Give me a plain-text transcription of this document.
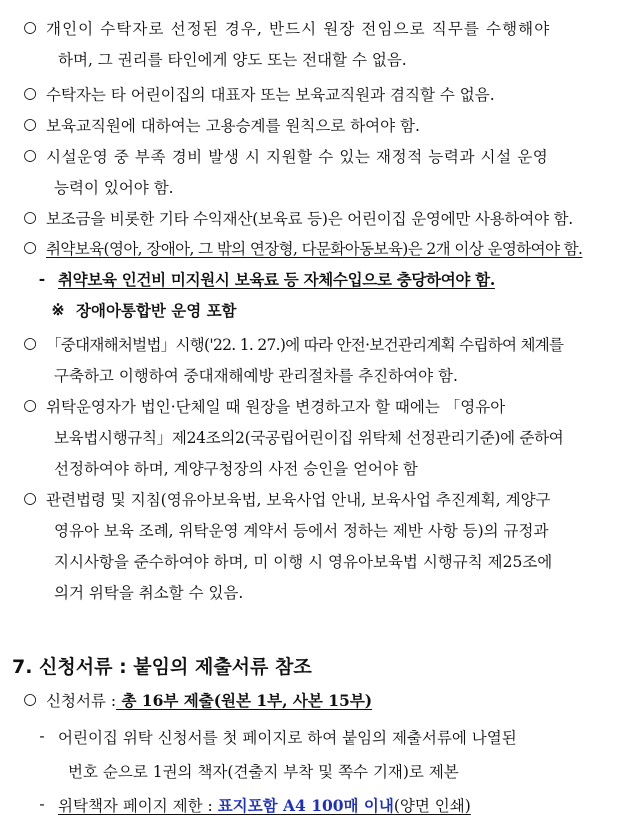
○ 개인이 수탁자로 선정된 경우, 반드시 원장 전임으로 직무를 수행해야
하며, 그 권리를 타인에게 양도 또는 전대할 수 없음.
○ 수탁자는 타 어린이집의 대표자 또는 보육교직원과 겸직할 수 없음.
○ 보육교직원에 대하여는 고용승계를 원칙으로 하여야 함.
○ 시설운영 중 부족 경비 발생 시 지원할 수 있는 재정적 능력과 시설 운영
능력이 있어야 함.
○ 보조금을 비롯한 기타 수익재산(보육료 등)은 어린이집 운영에만 사용하여야 함.
○ 취약보육(영아, 장애아, 그 밖의 연장형, 다문화아동보육)은 2개 이상 운영하여야 함.
- 취약보육 인건비 미지원시 보육료 등 자체수입으로 충당하여야 함.
※ 장애아통합반 운영 포함
○ 「중대재해처벌법」시행('22. 1. 27.)에 따라 안전·보건관리계획 수립하여 체계를
구축하고 이행하여 중대재해예방 관리절차를 추진하여야 함.
○ 위탁운영자가 법인·단체일 때 원장을 변경하고자 할 때에는 「영유아
보육법시행규칙」제24조의2(국공립어린이집 위탁체 선정관리기준)에 준하여
선정하여야 하며, 계양구청장의 사전 승인을 얻어야 함
○ 관련법령 및 지침(영유아보육법, 보육사업 안내, 보육사업 추진계획, 계양구
영유아 보육 조례, 위탁운영 계약서 등에서 정하는 제반 사항 등)의 규정과
지시사항을 준수하여야 하며, 미 이행 시 영유아보육법 시행규칙 제25조에
의거 위탁을 취소할 수 있음.
7. 신청서류 : 붙임의 제출서류 참조
○ 신청서류 : 총 16부 제출(원본 1부, 사본 15부)
- 어린이집 위탁 신청서를 첫 페이지로 하여 붙임의 제출서류에 나열된
번호 순으로 1권의 책자(견출지 부착 및 쪽수 기재)로 제본
- 위탁책자 페이지 제한 : 표지포함 A4 100매 이내(양면 인쇄)
